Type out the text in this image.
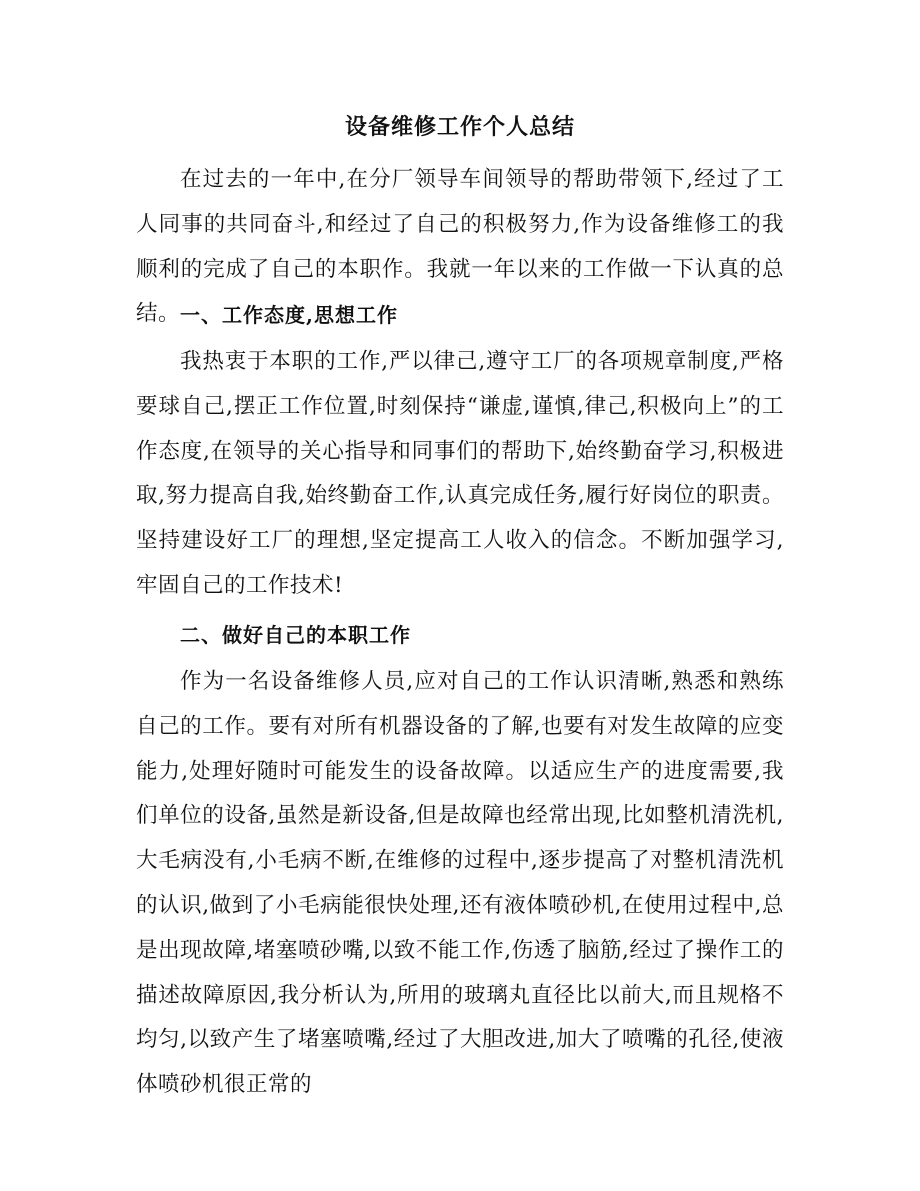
设备维修工作个人总结

在过去的一年中,在分厂领导车间领导的帮助带领下,经过了工人同事的共同奋斗,和经过了自己的积极努力,作为设备维修工的我顺利的完成了自己的本职作。我就一年以来的工作做一下认真的总结。 一、工作态度,思想工作

我热衷于本职的工作,严以律己,遵守工厂的各项规章制度,严格要球自己,摆正工作位置,时刻保持“谦虚,谨慎,律己,积极向上”的工作态度,在领导的关心指导和同事们的帮助下,始终勤奋学习,积极进取,努力提高自我,始终勤奋工作,认真完成任务,履行好岗位的职责。坚持建设好工厂的理想,坚定提高工人收入的信念。不断加强学习,牢固自己的工作技术!

二、做好自己的本职工作

作为一名设备维修人员,应对自己的工作认识清晰,熟悉和熟练自己的工作。要有对所有机器设备的了解,也要有对发生故障的应变能力,处理好随时可能发生的设备故障。以适应生产的进度需要,我们单位的设备,虽然是新设备,但是故障也经常出现,比如整机清洗机,大毛病没有,小毛病不断,在维修的过程中,逐步提高了对整机清洗机的认识,做到了小毛病能很快处理,还有液体喷砂机,在使用过程中,总是出现故障,堵塞喷砂嘴,以致不能工作,伤透了脑筋,经过了操作工的描述故障原因,我分析认为,所用的玻璃丸直径比以前大,而且规格不均匀,以致产生了堵塞喷嘴,经过了大胆改进,加大了喷嘴的孔径,使液体喷砂机很正常的
